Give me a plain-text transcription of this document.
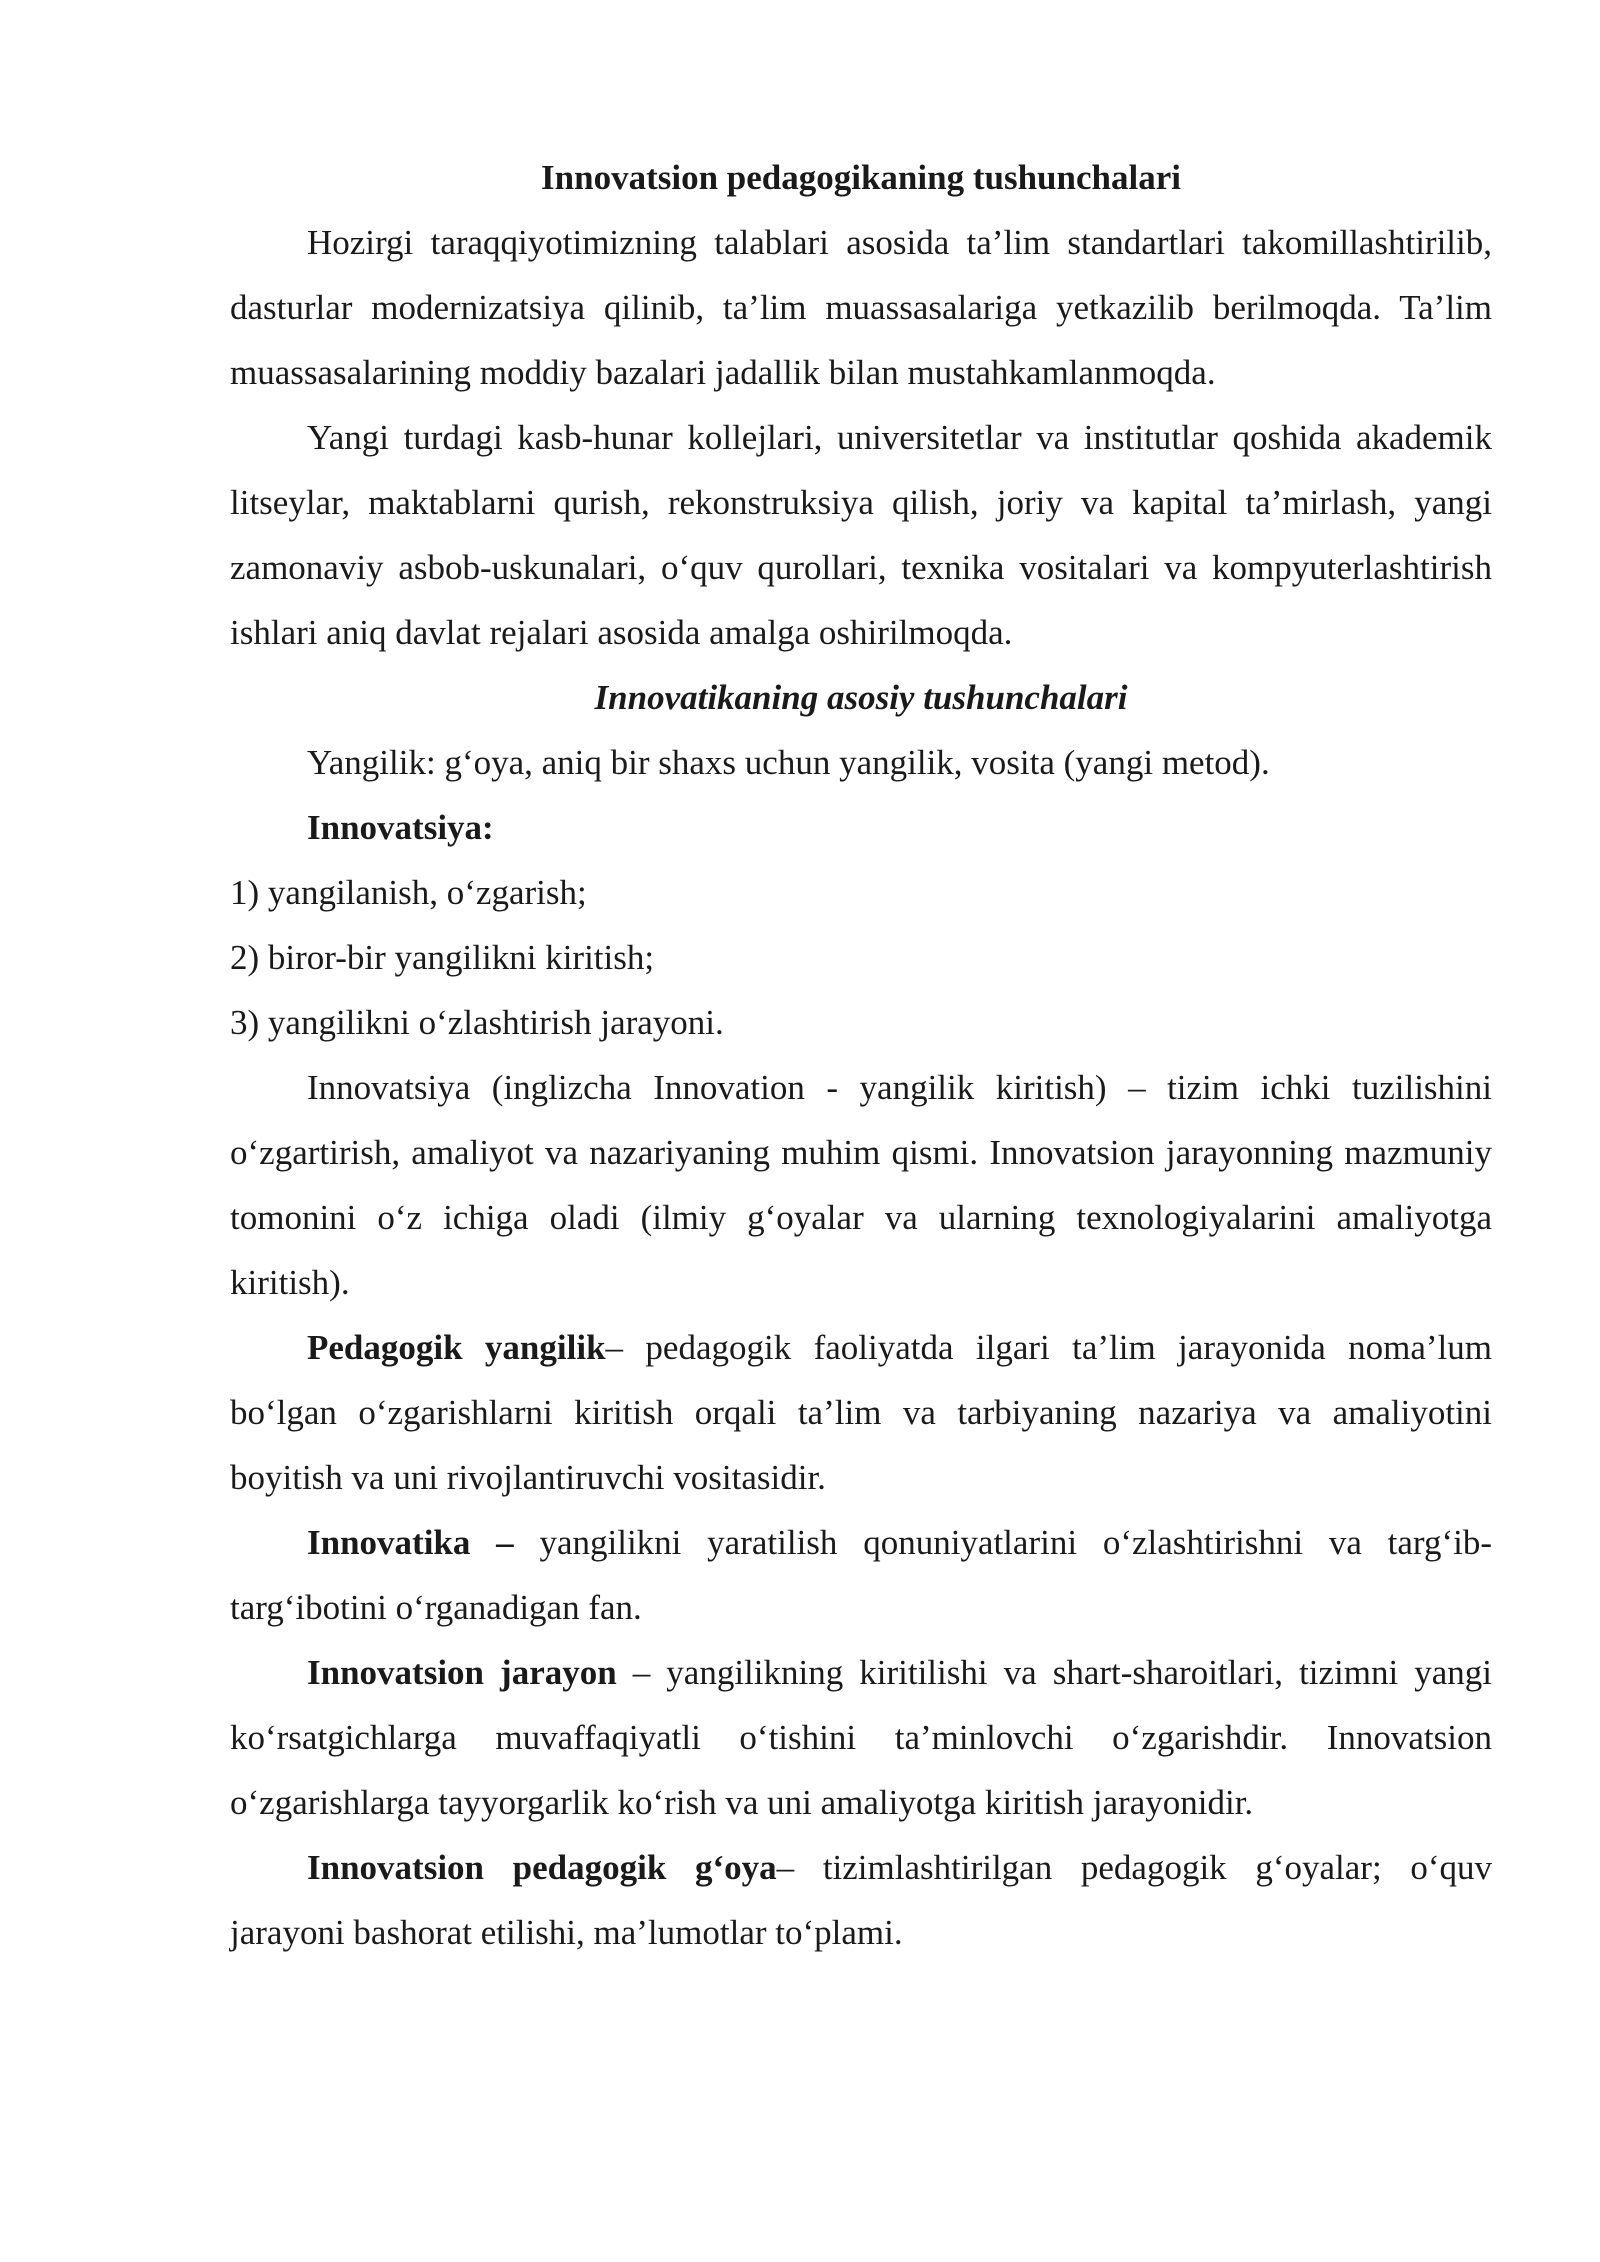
Innovatsion pedagogikaning tushunchalari

Hozirgi taraqqiyotimizning talablari asosida ta’lim standartlari takomillashtirilib, dasturlar modernizatsiya qilinib, ta’lim muassasalariga yetkazilib berilmoqda. Ta’lim muassasalarining moddiy bazalari jadallik bilan mustahkamlanmoqda.

Yangi turdagi kasb-hunar kollejlari, universitetlar va institutlar qoshida akademik litseylar, maktablarni qurish, rekonstruksiya qilish, joriy va kapital ta’mirlash, yangi zamonaviy asbob-uskunalari, o‘quv qurollari, texnika vositalari va kompyuterlashtirish ishlari aniq davlat rejalari asosida amalga oshirilmoqda.

Innovatikaning asosiy tushunchalari

Yangilik: g‘oya, aniq bir shaxs uchun yangilik, vosita (yangi metod).

Innovatsiya:

1) yangilanish, o‘zgarish;

2) biror-bir yangilikni kiritish;

3) yangilikni o‘zlashtirish jarayoni.

Innovatsiya (inglizcha Innovation - yangilik kiritish) – tizim ichki tuzilishini o‘zgartirish, amaliyot va nazariyaning muhim qismi. Innovatsion jarayonning mazmuniy tomonini o‘z ichiga oladi (ilmiy g‘oyalar va ularning texnologiyalarini amaliyotga kiritish).

Pedagogik yangilik– pedagogik faoliyatda ilgari ta’lim jarayonida noma’lum bo‘lgan o‘zgarishlarni kiritish orqali ta’lim va tarbiyaning nazariya va amaliyotini boyitish va uni rivojlantiruvchi vositasidir.

Innovatika – yangilikni yaratilish qonuniyatlarini o‘zlashtirishni va targ‘ib-targ‘ibotini o‘rganadigan fan.

Innovatsion jarayon – yangilikning kiritilishi va shart-sharoitlari, tizimni yangi ko‘rsatgichlarga muvaffaqiyatli o‘tishini ta’minlovchi o‘zgarishdir. Innovatsion o‘zgarishlarga tayyorgarlik ko‘rish va uni amaliyotga kiritish jarayonidir.

Innovatsion pedagogik g‘oya– tizimlashtirilgan pedagogik g‘oyalar; o‘quv jarayoni bashorat etilishi, ma’lumotlar to‘plami.
